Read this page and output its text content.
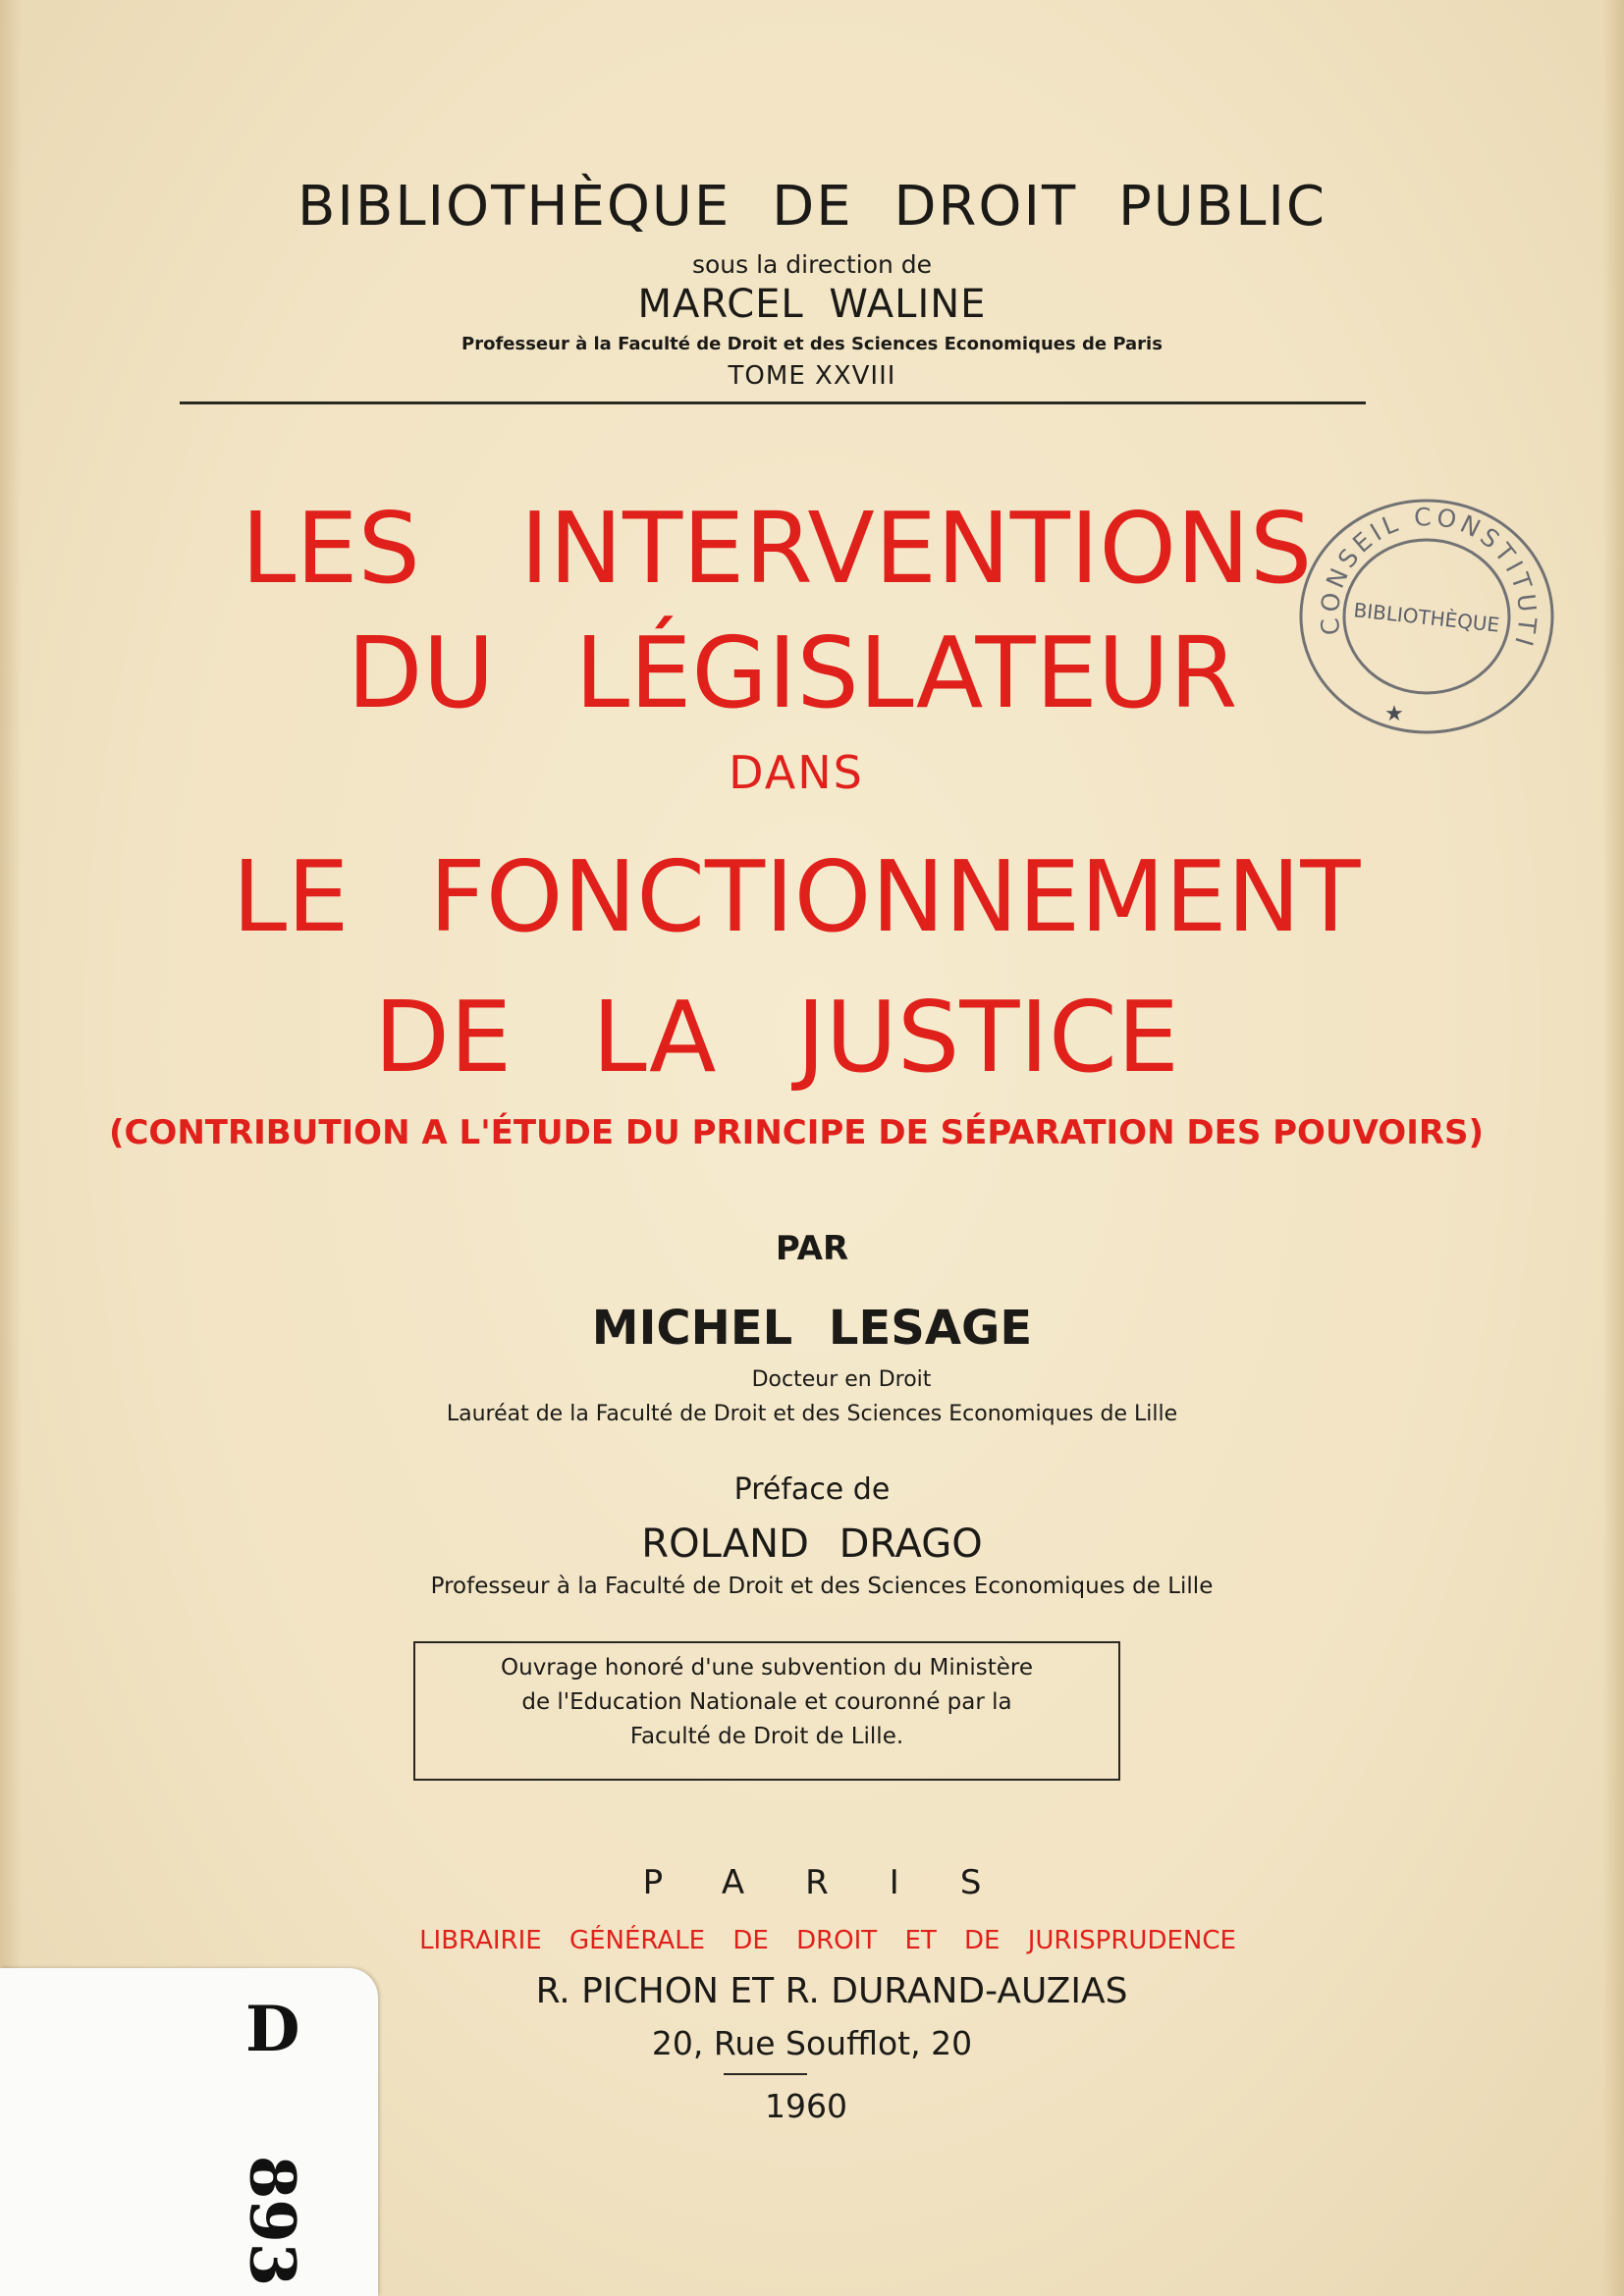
BIBLIOTHÈQUE DE DROIT PUBLIC
sous la direction de
MARCEL WALINE
Professeur à la Faculté de Droit et des Sciences Economiques de Paris
TOME XXVIII
LES INTERVENTIONS
DU LÉGISLATEUR
DANS
LE FONCTIONNEMENT
DE LA JUSTICE
(CONTRIBUTION A L'ÉTUDE DU PRINCIPE DE SÉPARATION DES POUVOIRS)
PAR
MICHEL LESAGE
Docteur en Droit
Lauréat de la Faculté de Droit et des Sciences Economiques de Lille
Préface de
ROLAND DRAGO
Professeur à la Faculté de Droit et des Sciences Economiques de Lille
Ouvrage honoré d'une subvention du Ministère
de l'Education Nationale et couronné par la
Faculté de Droit de Lille.
PARIS
LIBRAIRIE GÉNÉRALE DE DROIT ET DE JURISPRUDENCE
R. PICHON ET R. DURAND-AUZIAS
20, Rue Soufflot, 20
1960
CONSEIL CONSTITUTI
BIBLIOTHÈQUE
★
D
893
